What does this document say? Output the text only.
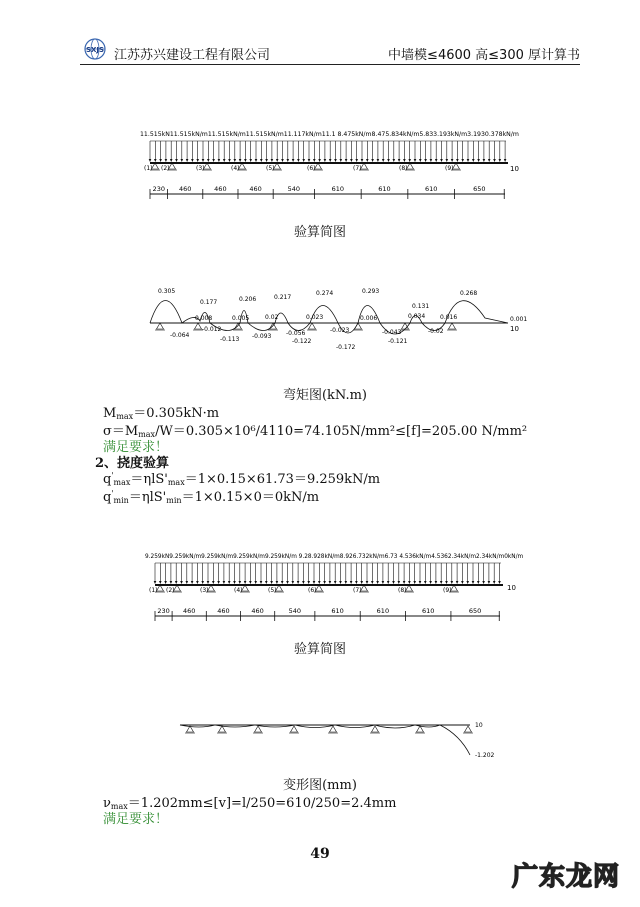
SXJS 江苏苏兴建设工程有限公司	中墙模≤4600 高≤300 厚计算书
11.515kN11.515kN/m11.515kN/m11.515kN/m11.117kN/m11.1 8.475kN/m8.475.834kN/m5.833.193kN/m3.1930.378kN/m
(1) (2)	(3)	(4)	(5)	(6)	(7)	(8)	(9)	10
230 460	460	460	540	610	610	610	650
验算简图
0.305
0.177
0.008
0.206
0.005
0.217
0.02
0.274
0.023
0.293
0.006
0.131
0.034
0.268
0.016	0.001
-0.064
-0.012
-0.113 -0.093 -0.056
-0.122
-0.023
-0.172
-0.043
-0.121
-0.02	10
弯矩图(kN.m)
$M_{max}=0.305kN\cdot m$
$\sigma=M_{max}/W=0.305\times 10^6/4110=74.105N/mm^2\le[f]=205.00$ N/mm²
满足要求！
2、挠度验算
$q'_{max}=\eta lS'_{max}=1\times 0.15\times 61.73=9.259kN/m$
$q'_{min}=\eta lS'_{min}=1\times 0.15\times 0=0kN/m$
9.259kN9.259kN/m9.259kN/m9.259kN/m9.259kN/m 9.28.928kN/m8.926.732kN/m6.73 4.536kN/m4.5362.34kN/m2.34kN/m0kN/m
(1) (2)	(3)	(4)	(5)	(6)	(7)	(8)	(9)	10
230 460	460	460	540	610	610	610	650
验算简图
10
-1.202
变形图(mm)
$\nu_{max}=1.202mm\le[v]=l/250=610/250=2.4mm$
满足要求！
49
广东龙网
